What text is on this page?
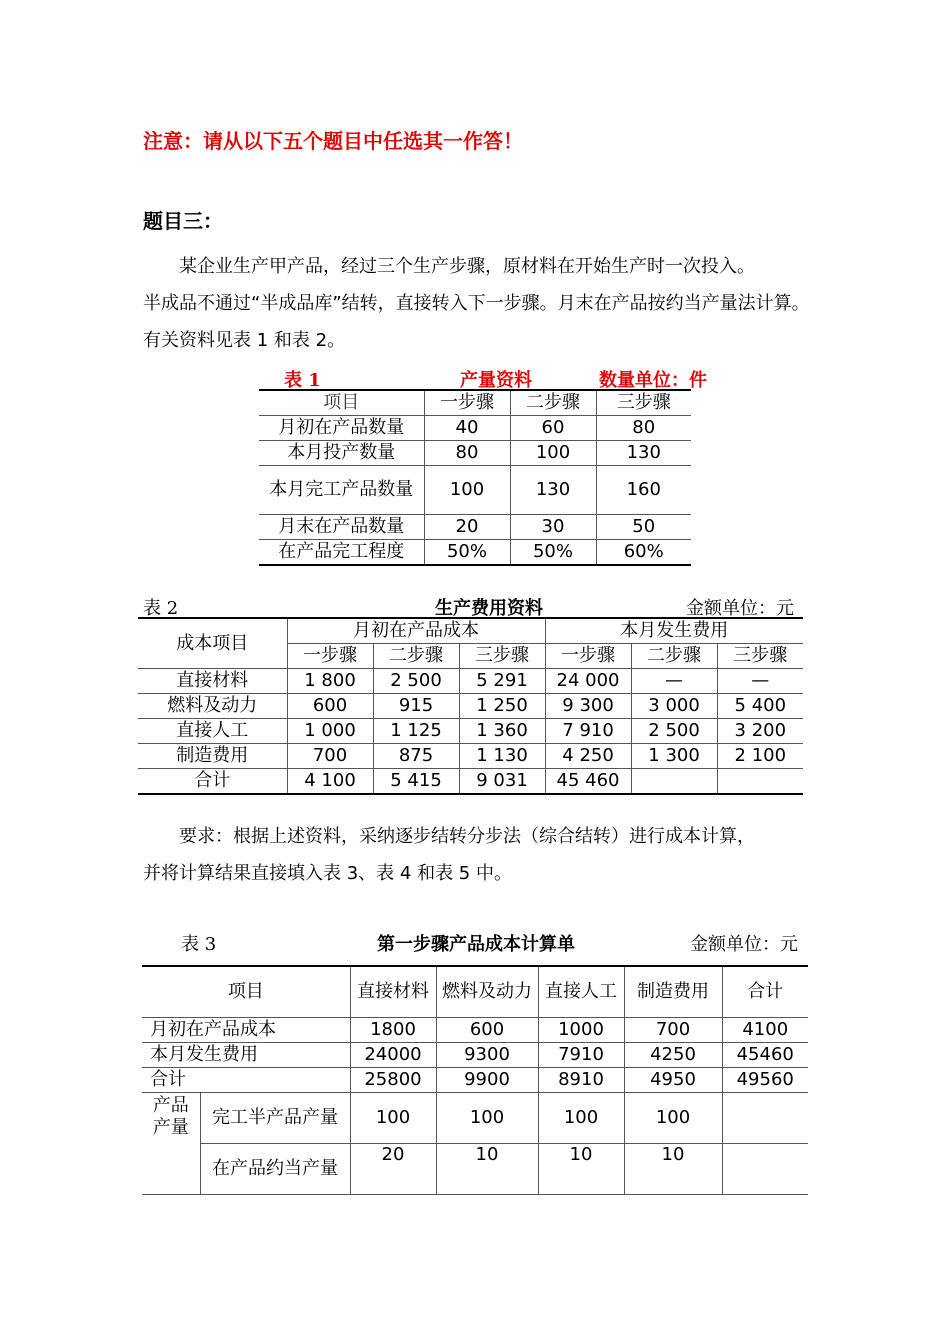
注意：请从以下五个题目中任选其一作答！
题目三：

某企业生产甲产品，经过三个生产步骤，原材料在开始生产时一次投入。

半成品不通过“半成品库”结转，直接转入下一步骤。月末在产品按约当产量法计算。有关资料见表 1 和表 2。

表 1	产量资料	数量单位：件
项目	一步骤	二步骤	三步骤
月初在产品数量	40	60	80
本月投产数量	80	100	130
本月完工产品数量	100	130	160
月末在产品数量	20	30	50
在产品完工程度	50%	50%	60%
表 2	生产费用资料	金额单位：元
成本项目	月初在产品成本			本月发生费用		
	一步骤	二步骤	三步骤	一步骤	二步骤	三步骤
直接材料	1 800	2 500	5 291	24 000	—	—
燃料及动力	600	915	1 250	9 300	3 000	5 400
直接人工	1 000	1 125	1 360	7 910	2 500	3 200
制造费用	700	875	1 130	4 250	1 300	2 100
合计	4 100	5 415	9 031	45 460		

要求：根据上述资料，采纳逐步结转分步法（综合结转）进行成本计算，

并将计算结果直接填入表 3、表 4 和表 5 中。

表 3	第一步骤产品成本计算单	金额单位：元
项目		直接材料	燃料及动力	直接人工	制造费用	合计
月初在产品成本		1800	600	1000	700	4100
本月发生费用		24000	9300	7910	4250	45460
合计		25800	9900	8910	4950	49560
产品产量	完工半产品产量	100	100	100	100	
	在产品约当产量	20	10	10	10	
